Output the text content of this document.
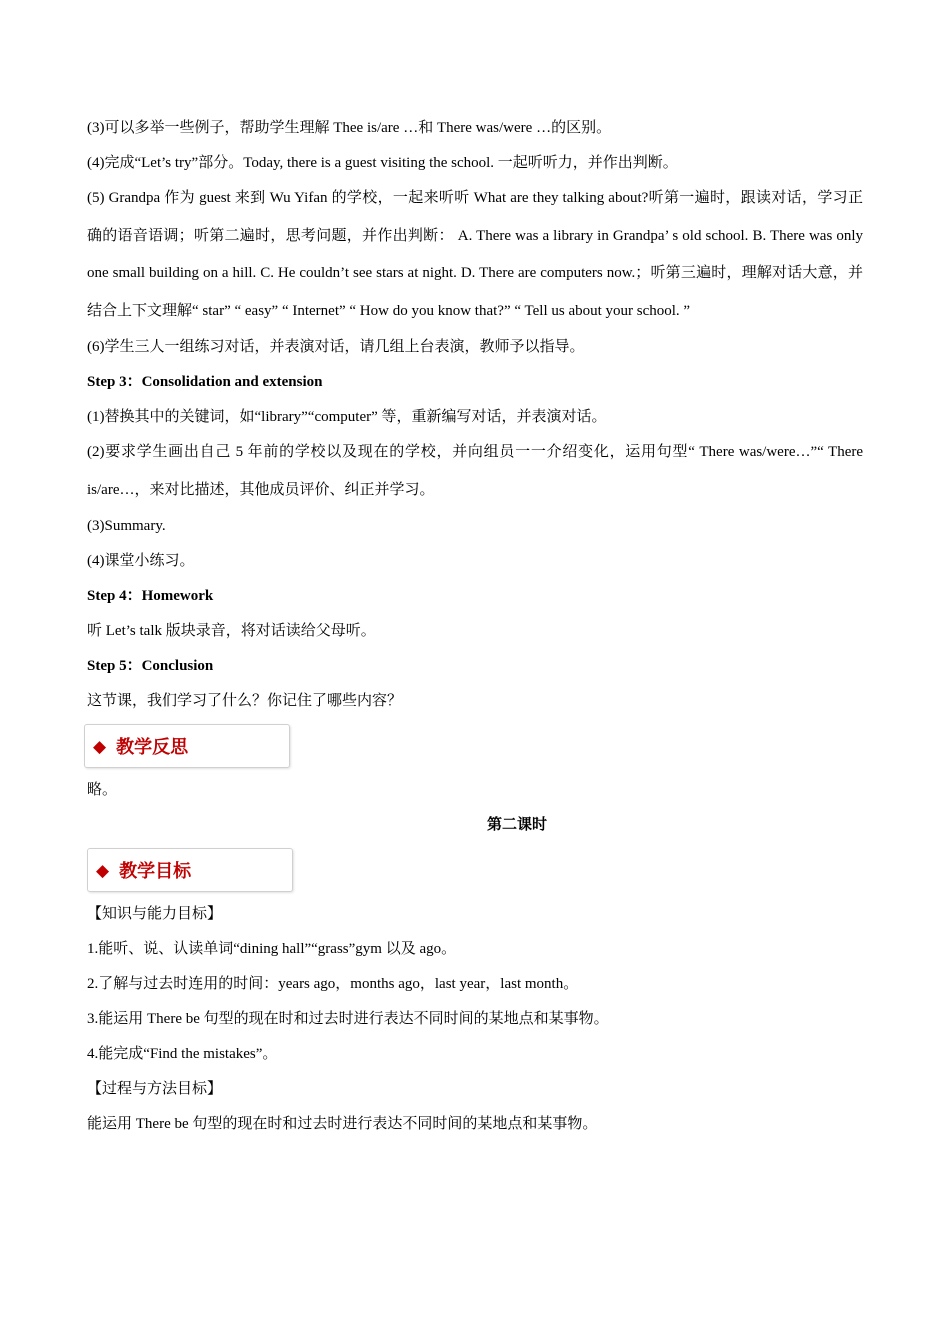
(3)可以多举一些例子，帮助学生理解 Thee is/are …和 There was/were …的区别。

(4)完成“Let’s try”部分。Today, there is a guest visiting the school. 一起听听力，并作出判断。

(5) Grandpa 作为 guest 来到 Wu Yifan 的学校，一起来听听 What are they talking about?听第一遍时，跟读对话，学习正确的语音语调；听第二遍时，思考问题，并作出判断： A. There was a library in Grandpa’ s old school. B. There was only one small building on a hill. C. He couldn’t see stars at night. D. There are computers now.；听第三遍时，理解对话大意，并结合上下文理解“ star” “ easy” “ Internet” “ How do you know that?” “ Tell us about your school. ”

(6)学生三人一组练习对话，并表演对话，请几组上台表演，教师予以指导。

Step 3：Consolidation and extension

(1)替换其中的关键词，如“library”“computer” 等，重新编写对话，并表演对话。

(2)要求学生画出自己 5 年前的学校以及现在的学校，并向组员一一介绍变化，运用句型“ There was/were…”“ There is/are…，来对比描述，其他成员评价、纠正并学习。

(3)Summary.

(4)课堂小练习。

Step 4：Homework

听 Let’s talk 版块录音，将对话读给父母听。

Step 5：Conclusion

这节课，我们学习了什么？你记住了哪些内容？

◆ 教学反思

略。

第二课时

◆ 教学目标

【知识与能力目标】

1.能听、说、认读单词“dining hall”“grass”gym 以及 ago。

2.了解与过去时连用的时间：years ago，months ago，last year，last month。

3.能运用 There be 句型的现在时和过去时进行表达不同时间的某地点和某事物。

4.能完成“Find the mistakes”。

【过程与方法目标】

能运用 There be 句型的现在时和过去时进行表达不同时间的某地点和某事物。
